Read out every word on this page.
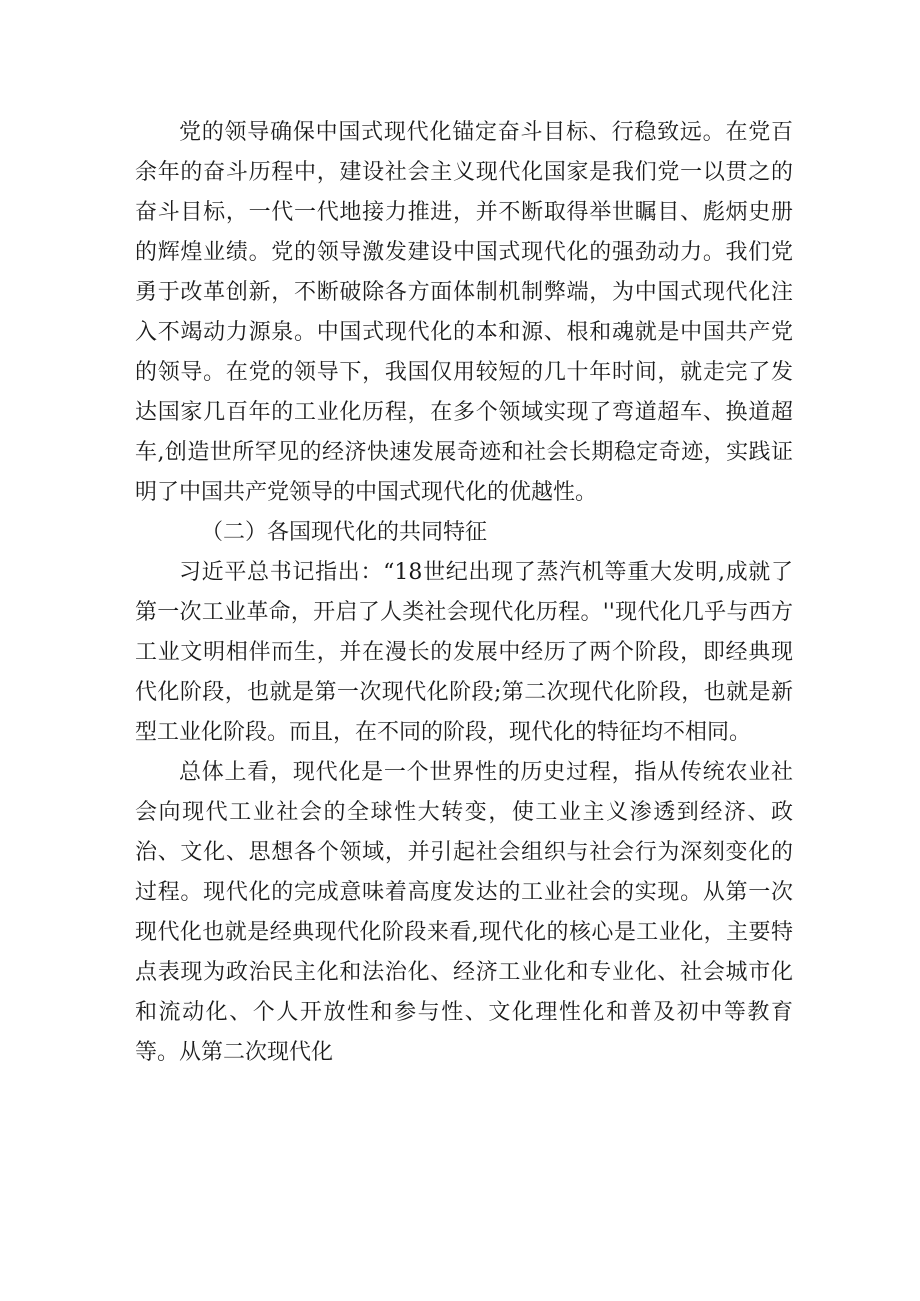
党的领导确保中国式现代化锚定奋斗目标、行稳致远。在党百余年的奋斗历程中，建设社会主义现代化国家是我们党一以贯之的奋斗目标，一代一代地接力推进，并不断取得举世瞩目、彪炳史册的辉煌业绩。党的领导激发建设中国式现代化的强劲动力。我们党勇于改革创新，不断破除各方面体制机制弊端，为中国式现代化注入不竭动力源泉。中国式现代化的本和源、根和魂就是中国共产党的领导。在党的领导下，我国仅用较短的几十年时间，就走完了发达国家几百年的工业化历程，在多个领域实现了弯道超车、换道超车,创造世所罕见的经济快速发展奇迹和社会长期稳定奇迹，实践证明了中国共产党领导的中国式现代化的优越性。

（二）各国现代化的共同特征

习近平总书记指出：“18世纪出现了蒸汽机等重大发明,成就了第一次工业革命，开启了人类社会现代化历程。''现代化几乎与西方工业文明相伴而生，并在漫长的发展中经历了两个阶段，即经典现代化阶段，也就是第一次现代化阶段;第二次现代化阶段，也就是新型工业化阶段。而且，在不同的阶段，现代化的特征均不相同。

总体上看，现代化是一个世界性的历史过程，指从传统农业社会向现代工业社会的全球性大转变，使工业主义渗透到经济、政治、文化、思想各个领域，并引起社会组织与社会行为深刻变化的过程。现代化的完成意味着高度发达的工业社会的实现。从第一次现代化也就是经典现代化阶段来看,现代化的核心是工业化，主要特点表现为政治民主化和法治化、经济工业化和专业化、社会城市化和流动化、个人开放性和参与性、文化理性化和普及初中等教育等。从第二次现代化
